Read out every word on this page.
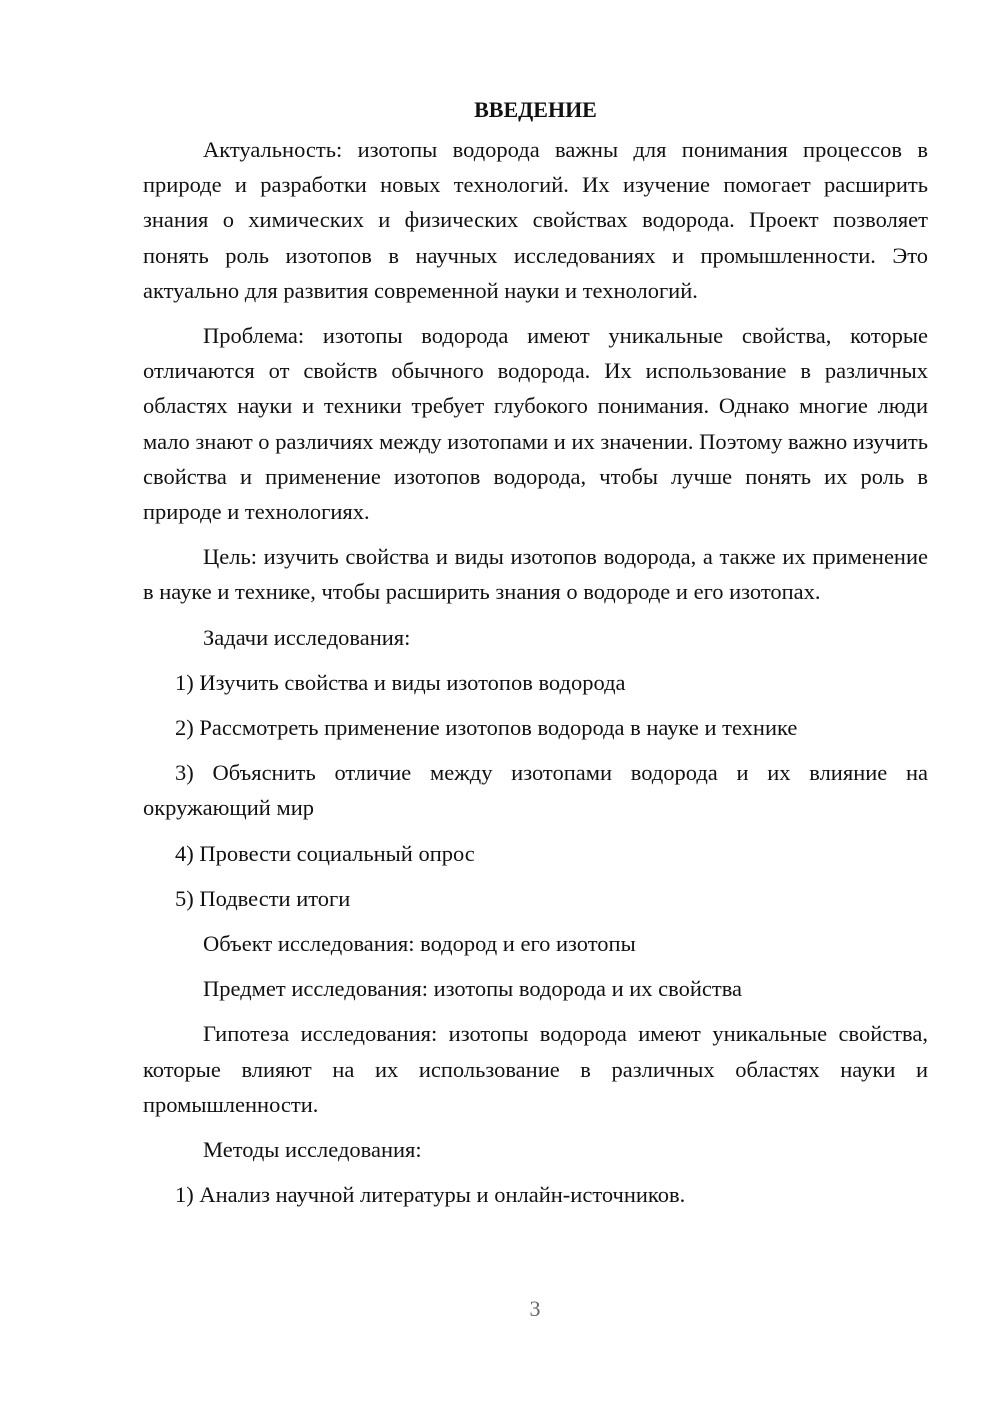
ВВЕДЕНИЕ

Актуальность: изотопы водорода важны для понимания процессов в природе и разработки новых технологий. Их изучение помогает расширить знания о химических и физических свойствах водорода. Проект позволяет понять роль изотопов в научных исследованиях и промышленности. Это актуально для развития современной науки и технологий.

Проблема: изотопы водорода имеют уникальные свойства, которые отличаются от свойств обычного водорода. Их использование в различных областях науки и техники требует глубокого понимания. Однако многие люди мало знают о различиях между изотопами и их значении. Поэтому важно изучить свойства и применение изотопов водорода, чтобы лучше понять их роль в природе и технологиях.

Цель: изучить свойства и виды изотопов водорода, а также их применение в науке и технике, чтобы расширить знания о водороде и его изотопах.

Задачи исследования:

1) Изучить свойства и виды изотопов водорода

2) Рассмотреть применение изотопов водорода в науке и технике

3) Объяснить отличие между изотопами водорода и их влияние на окружающий мир

4) Провести социальный опрос

5) Подвести итоги

Объект исследования: водород и его изотопы

Предмет исследования: изотопы водорода и их свойства

Гипотеза исследования: изотопы водорода имеют уникальные свойства, которые влияют на их использование в различных областях науки и промышленности.

Методы исследования:

1) Анализ научной литературы и онлайн-источников.

3
